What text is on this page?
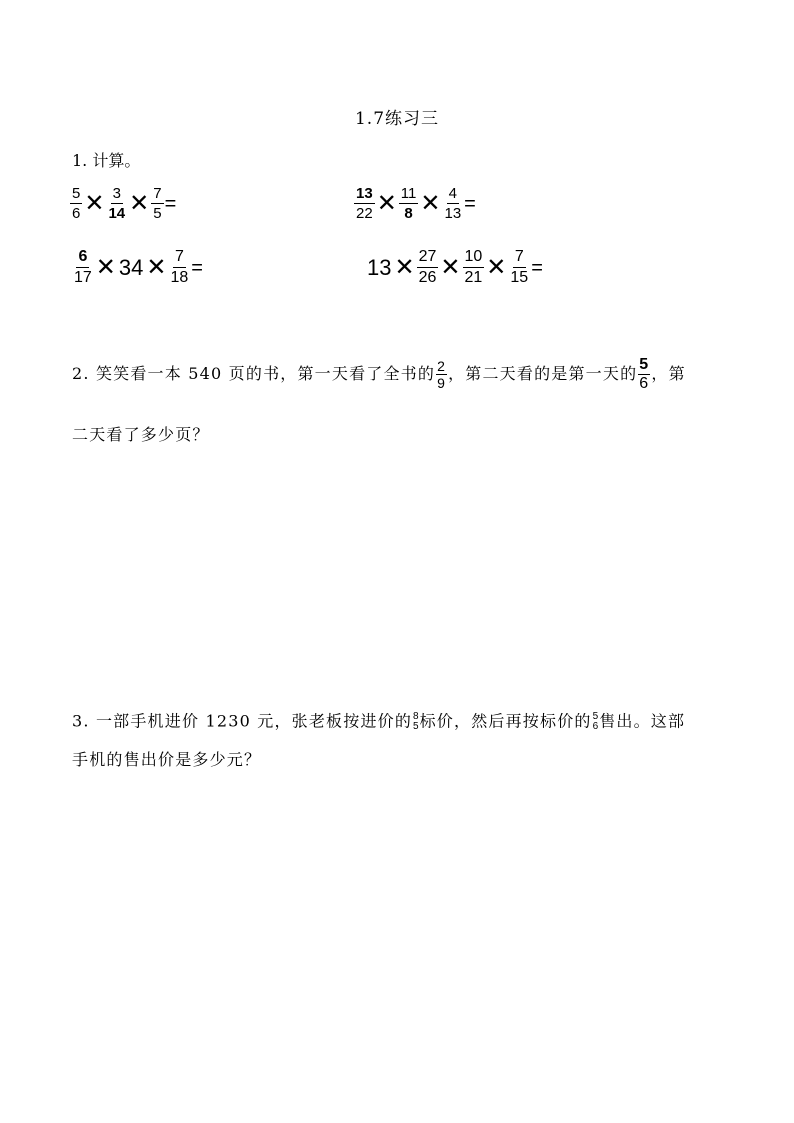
1.7练习三
1. 计算。
$\frac{5}{6}$ ✕ $\frac{3}{14}$ ✕ $\frac{7}{5}$ =	$\frac{13}{22}$ ✕ $\frac{11}{8}$ ✕ $\frac{4}{13}$ =
$\frac{6}{17}$ ✕ 34 ✕ $\frac{7}{18}$ =	13 ✕ $\frac{27}{26}$ ✕ $\frac{10}{21}$ ✕ $\frac{7}{15}$ =
2. 笑笑看一本 540 页的书，第一天看了全书的 $\frac{2}{9}$ ，第二天看的是第一天的 $\frac{5}{6}$ ，第
二天看了多少页？
3. 一部手机进价 1230 元，张老板按进价的 8
5 标价，然后再按标价的 5
6 售出。这部
手机的售出价是多少元？
